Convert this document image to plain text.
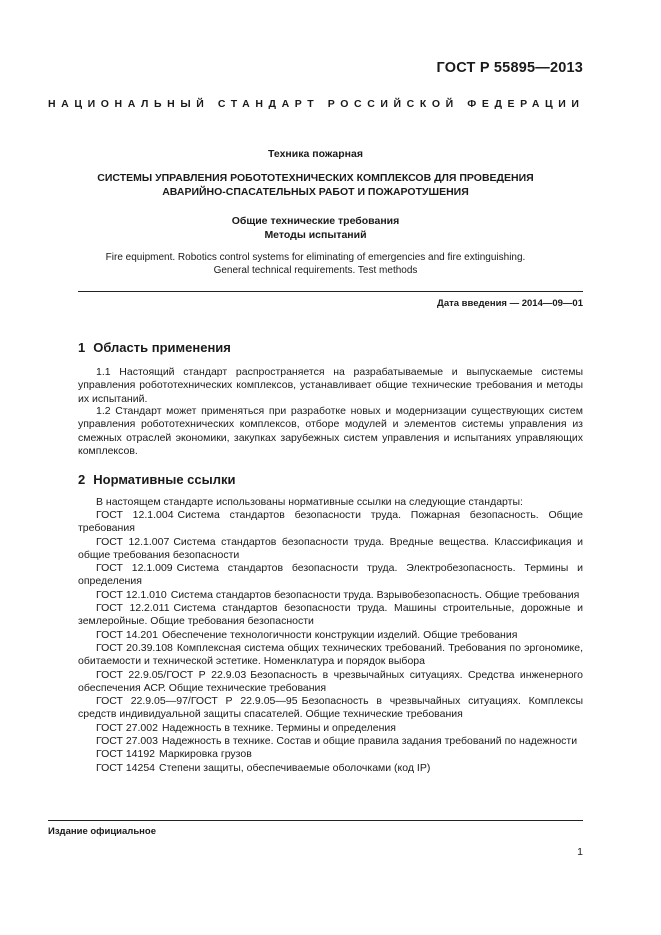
ГОСТ Р 55895—2013
НАЦИОНАЛЬНЫЙ СТАНДАРТ РОССИЙСКОЙ ФЕДЕРАЦИИ
Техника пожарная
СИСТЕМЫ УПРАВЛЕНИЯ РОБОТОТЕХНИЧЕСКИХ КОМПЛЕКСОВ ДЛЯ ПРОВЕДЕНИЯ
АВАРИЙНО-СПАСАТЕЛЬНЫХ РАБОТ И ПОЖАРОТУШЕНИЯ
Общие технические требования
Методы испытаний
Fire equipment. Robotics control systems for eliminating of emergencies and fire extinguishing.
General technical requirements. Test methods
Дата введения — 2014—09—01
1 Область применения

1.1 Настоящий стандарт распространяется на разрабатываемые и выпускаемые системы управления робототехнических комплексов, устанавливает общие технические требования и методы их испытаний.

1.2 Стандарт может применяться при разработке новых и модернизации существующих систем управления робототехнических комплексов, отборе модулей и элементов системы управления из смежных отраслей экономики, закупках зарубежных систем управления и испытаниях управляющих комплексов.

2 Нормативные ссылки
В настоящем стандарте использованы нормативные ссылки на следующие стандарты:
ГОСТ 12.1.004 Система стандартов безопасности труда. Пожарная безопасность. Общие требования
ГОСТ 12.1.007 Система стандартов безопасности труда. Вредные вещества. Классификация и общие требования безопасности
ГОСТ 12.1.009 Система стандартов безопасности труда. Электробезопасность. Термины и определения
ГОСТ 12.1.010 Система стандартов безопасности труда. Взрывобезопасность. Общие требования
ГОСТ 12.2.011 Система стандартов безопасности труда. Машины строительные, дорожные и землеройные. Общие требования безопасности
ГОСТ 14.201 Обеспечение технологичности конструкции изделий. Общие требования
ГОСТ 20.39.108 Комплексная система общих технических требований. Требования по эргономике, обитаемости и технической эстетике. Номенклатура и порядок выбора
ГОСТ 22.9.05/ГОСТ Р 22.9.03 Безопасность в чрезвычайных ситуациях. Средства инженерного обеспечения АСР. Общие технические требования
ГОСТ 22.9.05—97/ГОСТ Р 22.9.05—95 Безопасность в чрезвычайных ситуациях. Комплексы средств индивидуальной защиты спасателей. Общие технические требования
ГОСТ 27.002 Надежность в технике. Термины и определения
ГОСТ 27.003 Надежность в технике. Состав и общие правила задания требований по надежности
ГОСТ 14192 Маркировка грузов
ГОСТ 14254 Степени защиты, обеспечиваемые оболочками (код IP)
Издание официальное
1
